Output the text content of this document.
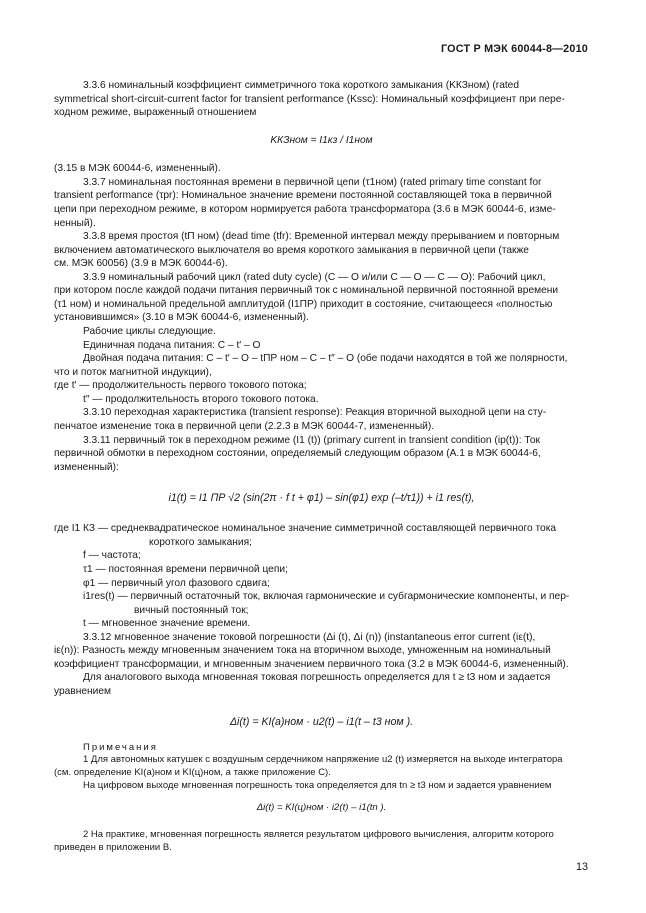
ГОСТ Р МЭК 60044-8—2010

3.3.6 номинальный коэффициент симметричного тока короткого замыкания (KКЗном) (rated

symmetrical short-circuit-current factor for transient performance (Kssc): Номинальный коэффициент при пере-

ходном режиме, выраженный отношением

KКЗном = I1кз / I1ном

(3.15 в МЭК 60044-6, измененный).

3.3.7 номинальная постоянная времени в первичной цепи (τ1ном) (rated primary time constant for

transient performance (τpr): Номинальное значение времени постоянной составляющей тока в первичной

цепи при переходном режиме, в котором нормируется работа трансформатора (3.6 в МЭК 60044-6, изме-

ненный).

3.3.8 время простоя (tП ном) (dead time (tfr): Временной интервал между прерыванием и повторным

включением автоматического выключателя во время короткого замыкания в первичной цепи (также

см. МЭК 60056) (3.9 в МЭК 60044-6).

3.3.9 номинальный рабочий цикл (rated duty cycle) (С — О и/или С — О — С — О): Рабочий цикл,

при котором после каждой подачи питания первичный ток с номинальной первичной постоянной времени

(τ1 ном) и номинальной предельной амплитудой (I1ПР) приходит в состояние, считающееся «полностью

установившимся» (3.10 в МЭК 60044-6, измененный).

Рабочие циклы следующие.

Единичная подача питания: С – t′ – О

Двойная подача питания: С – t′ – О – tПР ном – С – t″ – О (обе подачи находятся в той же полярности,

что и поток магнитной индукции),

где t′ — продолжительность первого токового потока;

t″ — продолжительность второго токового потока.

3.3.10 переходная характеристика (transient response): Реакция вторичной выходной цепи на сту-

пенчатое изменение тока в первичной цепи (2.2.3 в МЭК 60044-7, измененный).

3.3.11 первичный ток в переходном режиме (I1 (t)) (primary current in transient condition (ip(t)): Ток

первичной обмотки в переходном состоянии, определяемый следующим образом (А.1 в МЭК 60044-6,

измененный):

i1(t) = I1 ПР √2 (sin(2π · f t + φ1) – sin(φ1) exp (–t/τ1)) + i1 res(t),

где I1 КЗ — среднеквадратическое номинальное значение симметричной составляющей первичного тока

короткого замыкания;

f — частота;

τ1 — постоянная времени первичной цепи;

φ1 — первичный угол фазового сдвига;

i1res(t) — первичный остаточный ток, включая гармонические и субгармонические компоненты, и пер-

вичный постоянный ток;

t — мгновенное значение времени.

3.3.12 мгновенное значение токовой погрешности (Δi (t), Δi (n)) (instantaneous error current (iε(t),

iε(n)): Разность между мгновенным значением тока на вторичном выходе, умноженным на номинальный

коэффициент трансформации, и мгновенным значением первичного тока (3.2 в МЭК 60044-6, измененный).

Для аналогового выхода мгновенная токовая погрешность определяется для t ≥ t3 ном и задается

уравнением

Δi(t) = KI(a)ном · u2(t) – i1(t – t3 ном ).

Примечания

1 Для автономных катушек с воздушным сердечником напряжение u2 (t) измеряется на выходе интегратора

(см. определение KI(a)ном и KI(ц)ном, а также приложение С).

На цифровом выходе мгновенная погрешность тока определяется для tn ≥ t3 ном и задается уравнением

Δi(t) = KI(ц)ном · i2(t) – i1(tn ).

2 На практике, мгновенная погрешность является результатом цифрового вычисления, алгоритм которого

приведен в приложении В.

13
